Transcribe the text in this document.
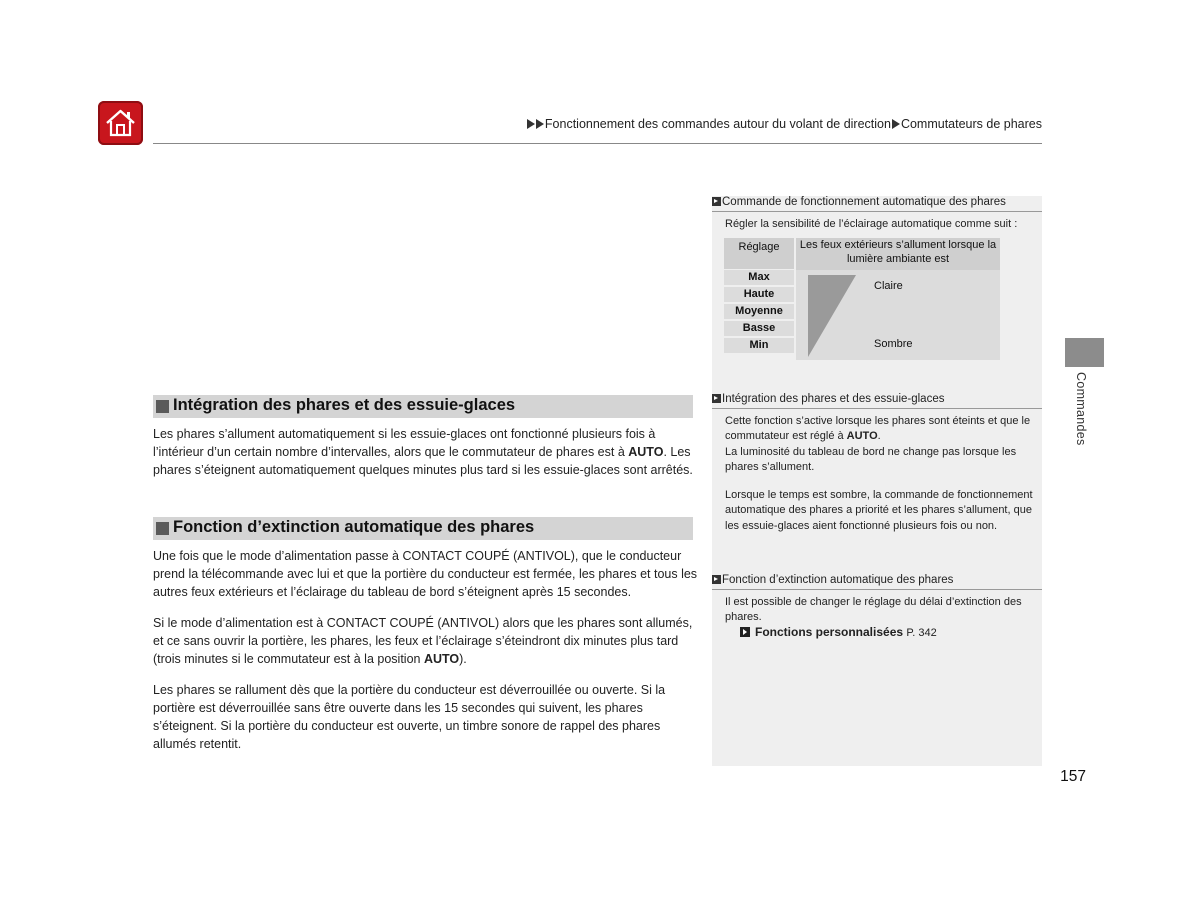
Fonctionnement des commandes autour du volant de direction Commutateurs de phares
Intégration des phares et des essuie-glaces

Les phares s’allument automatiquement si les essuie-glaces ont fonctionné plusieurs fois à l’intérieur d’un certain nombre d’intervalles, alors que le commutateur de phares est à AUTO. Les phares s’éteignent automatiquement quelques minutes plus tard si les essuie-glaces sont arrêtés.

Fonction d’extinction automatique des phares

Une fois que le mode d’alimentation passe à CONTACT COUPÉ (ANTIVOL), que le conducteur prend la télécommande avec lui et que la portière du conducteur est fermée, les phares et tous les autres feux extérieurs et l’éclairage du tableau de bord s’éteignent après 15 secondes.

Si le mode d’alimentation est à CONTACT COUPÉ (ANTIVOL) alors que les phares sont allumés, et ce sans ouvrir la portière, les phares, les feux et l’éclairage s’éteindront dix minutes plus tard (trois minutes si le commutateur est à la position AUTO).

Les phares se rallument dès que la portière du conducteur est déverrouillée ou ouverte. Si la portière est déverrouillée sans être ouverte dans les 15 secondes qui suivent, les phares s’éteignent. Si la portière du conducteur est ouverte, un timbre sonore de rappel des phares allumés retentit.

Commande de fonctionnement automatique des phares

Régler la sensibilité de l’éclairage automatique comme suit :

Réglage	Les feux extérieurs s’allument lorsque la lumière ambiante est
Max
Haute
Moyenne
Basse
Min
Claire
Sombre
Intégration des phares et des essuie-glaces

Cette fonction s’active lorsque les phares sont éteints et que le commutateur est réglé à AUTO.

La luminosité du tableau de bord ne change pas lorsque les phares s’allument.

Lorsque le temps est sombre, la commande de fonctionnement automatique des phares a priorité et les phares s’allument, que les essuie-glaces aient fonctionné plusieurs fois ou non.

Fonction d’extinction automatique des phares

Il est possible de changer le réglage du délai d’extinction des phares.

Fonctions personnalisées P. 342
Commandes
157
